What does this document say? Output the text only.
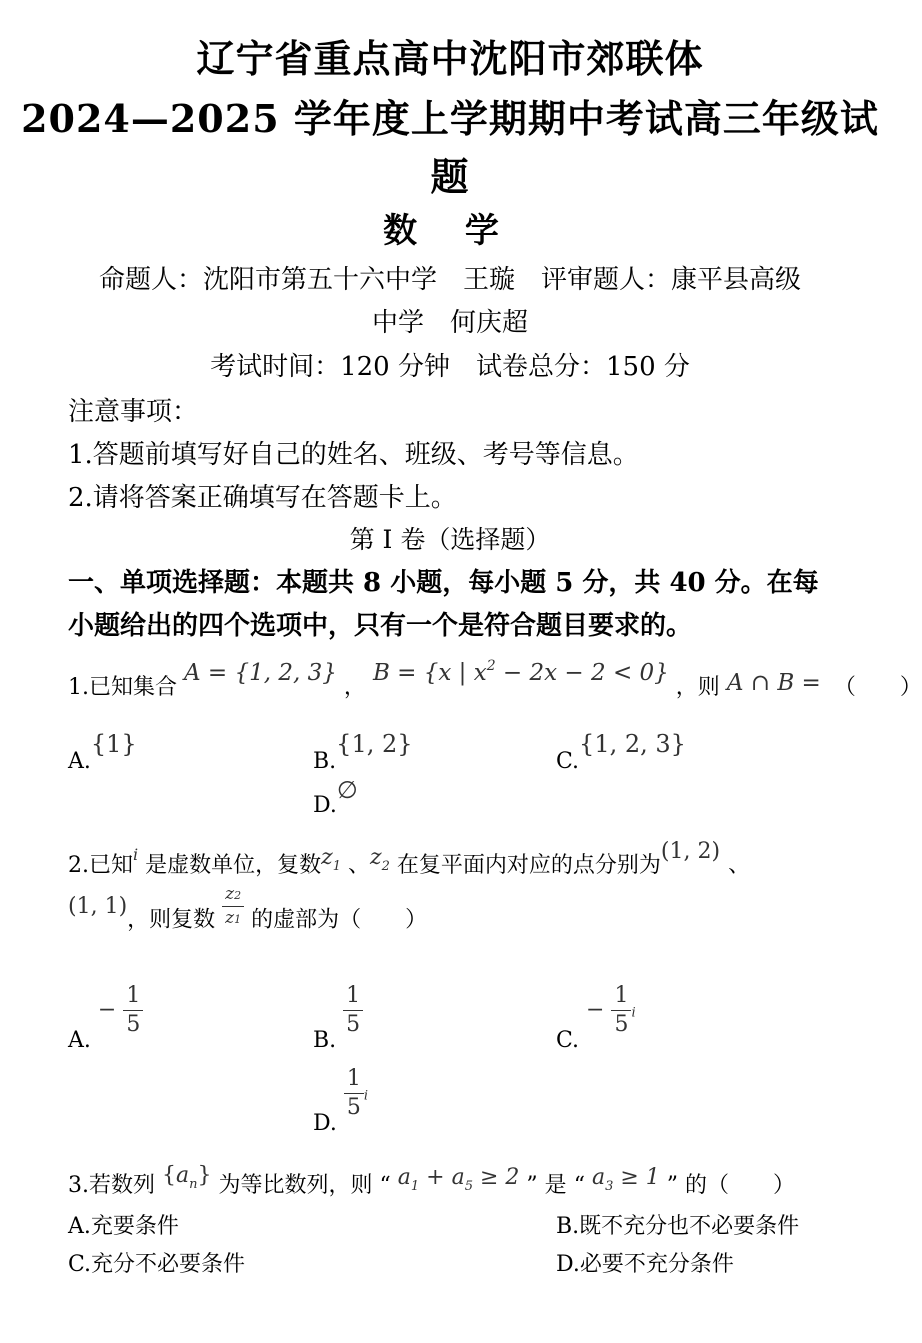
辽宁省重点高中沈阳市郊联体
2024—2025 学年度上学期期中考试高三年级试
题
数 学
命题人：沈阳市第五十六中学　王璇　评审题人：康平县高级
中学　何庆超
考试时间：120 分钟　试卷总分：150 分
注意事项：
1.答题前填写好自己的姓名、班级、考号等信息。
2.请将答案正确填写在答题卡上。
第 I 卷（选择题）
一、单项选择题：本题共 8 小题，每小题 5 分，共 40 分。在每
小题给出的四个选项中，只有一个是符合题目要求的。
1.已知集合 A = {1, 2, 3} ， B = {x | $x^2 - 2x - 2 < 0$} ，则 A ∩ B = （　　）
A.{1}
B.{1, 2}
C.{1, 2, 3}
D.∅
2.已知$^i$ 是虚数单位，复数$z_1$ 、$z_2$ 在复平面内对应的点分别为(1, 2)、
(1, 1)，则复数 $\frac{z2}{z1}$ 的虚部为（　　）
A. − $\frac{1}{5}$
B.
$\frac{1}{5}$
C. − $\frac{1}{5}$ i
D.
$\frac{1}{5}$ i
3.若数列 $\{a_n\}$ 为等比数列，则 “ $a_1 + a_5 \ge 2$ ” 是 “ $a_3 \ge 1$ ” 的（　　）
A.充要条件	B.既不充分也不必要条件
C.充分不必要条件	D.必要不充分条件
